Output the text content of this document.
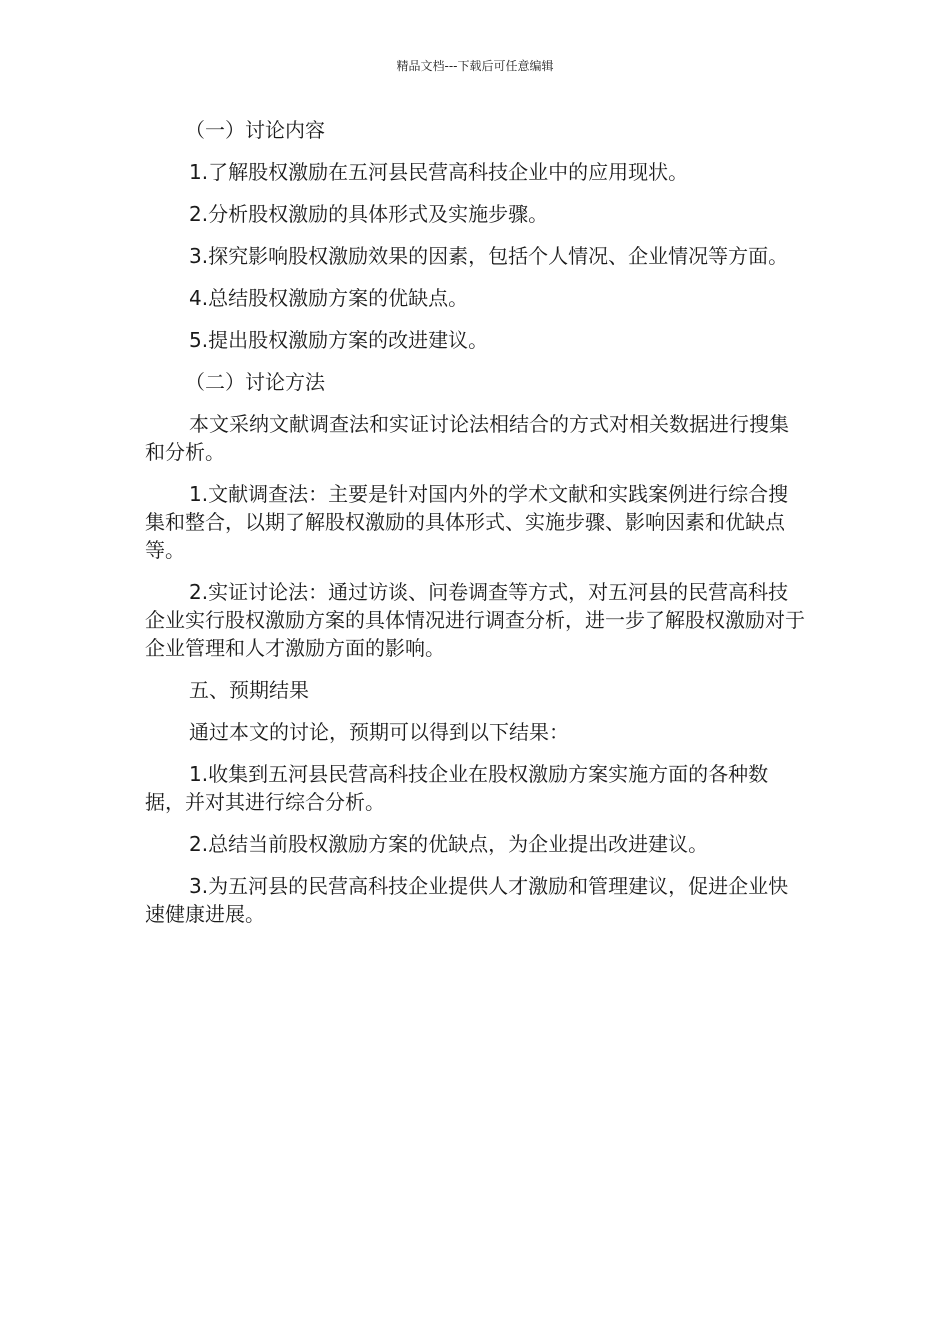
精品文档---下载后可任意编辑

（一）讨论内容

1.了解股权激励在五河县民营高科技企业中的应用现状。

2.分析股权激励的具体形式及实施步骤。

3.探究影响股权激励效果的因素，包括个人情况、企业情况等方面。

4.总结股权激励方案的优缺点。

5.提出股权激励方案的改进建议。

（二）讨论方法

本文采纳文献调查法和实证讨论法相结合的方式对相关数据进行搜集和分析。

1.文献调查法：主要是针对国内外的学术文献和实践案例进行综合搜集和整合，以期了解股权激励的具体形式、实施步骤、影响因素和优缺点等。

2.实证讨论法：通过访谈、问卷调查等方式，对五河县的民营高科技企业实行股权激励方案的具体情况进行调查分析，进一步了解股权激励对于企业管理和人才激励方面的影响。

五、预期结果

通过本文的讨论，预期可以得到以下结果：

1.收集到五河县民营高科技企业在股权激励方案实施方面的各种数据，并对其进行综合分析。

2.总结当前股权激励方案的优缺点，为企业提出改进建议。

3.为五河县的民营高科技企业提供人才激励和管理建议，促进企业快速健康进展。
